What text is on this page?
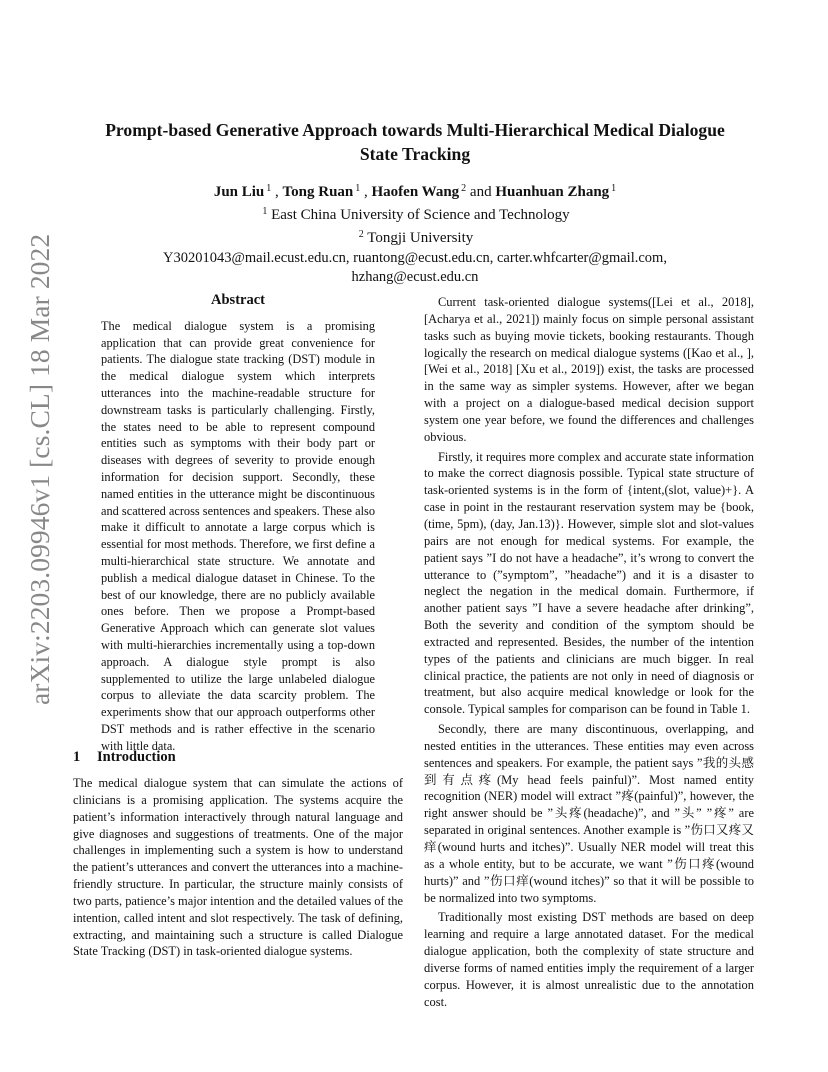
arXiv:2203.09946v1 [cs.CL] 18 Mar 2022
Prompt-based Generative Approach towards Multi-Hierarchical Medical Dialogue State Tracking
Jun Liu $^1$ , Tong Ruan $^1$ , Haofen Wang $^2$ and Huanhuan Zhang $^1$
$^1$ East China University of Science and Technology
$^2$ Tongji University
Y30201043@mail.ecust.edu.cn, ruantong@ecust.edu.cn, carter.whfcarter@gmail.com,
hzhang@ecust.edu.cn
Abstract

The medical dialogue system is a promising application that can provide great convenience for patients. The dialogue state tracking (DST) module in the medical dialogue system which interprets utterances into the machine-readable structure for downstream tasks is particularly challenging. Firstly, the states need to be able to represent compound entities such as symptoms with their body part or diseases with degrees of severity to provide enough information for decision support. Secondly, these named entities in the utterance might be discontinuous and scattered across sentences and speakers. These also make it difficult to annotate a large corpus which is essential for most methods. Therefore, we first define a multi-hierarchical state structure. We annotate and publish a medical dialogue dataset in Chinese. To the best of our knowledge, there are no publicly available ones before. Then we propose a Prompt-based Generative Approach which can generate slot values with multi-hierarchies incrementally using a top-down approach. A dialogue style prompt is also supplemented to utilize the large unlabeled dialogue corpus to alleviate the data scarcity problem. The experiments show that our approach outperforms other DST methods and is rather effective in the scenario with little data.

1 Introduction

The medical dialogue system that can simulate the actions of clinicians is a promising application. The systems acquire the patient’s information interactively through natural language and give diagnoses and suggestions of treatments. One of the major challenges in implementing such a system is how to understand the patient’s utterances and convert the utterances into a machine-friendly structure. In particular, the structure mainly consists of two parts, patience’s major intention and the detailed values of the intention, called intent and slot respectively. The task of defining, extracting, and maintaining such a structure is called Dialogue State Tracking (DST) in task-oriented dialogue systems.

Current task-oriented dialogue systems([Lei et al., 2018], [Acharya et al., 2021]) mainly focus on simple personal assistant tasks such as buying movie tickets, booking restaurants. Though logically the research on medical dialogue systems ([Kao et al., ], [Wei et al., 2018] [Xu et al., 2019]) exist, the tasks are processed in the same way as simpler systems. However, after we began with a project on a dialogue-based medical decision support system one year before, we found the differences and challenges obvious.

Firstly, it requires more complex and accurate state information to make the correct diagnosis possible. Typical state structure of task-oriented systems is in the form of {intent,(slot, value)+}. A case in point in the restaurant reservation system may be {book, (time, 5pm), (day, Jan.13)}. However, simple slot and slot-values pairs are not enough for medical systems. For example, the patient says ”I do not have a headache”, it’s wrong to convert the utterance to (”symptom”, ”headache”) and it is a disaster to neglect the negation in the medical domain. Furthermore, if another patient says ”I have a severe headache after drinking”, Both the severity and condition of the symptom should be extracted and represented. Besides, the number of the intention types of the patients and clinicians are much bigger. In real clinical practice, the patients are not only in need of diagnosis or treatment, but also acquire medical knowledge or look for the console. Typical samples for comparison can be found in Table 1.

Secondly, there are many discontinuous, overlapping, and nested entities in the utterances. These entities may even across sentences and speakers. For example, the patient says ”我的头感到有点疼(My head feels painful)”. Most named entity recognition (NER) model will extract ”疼(painful)”, however, the right answer should be ”头疼(headache)”, and ”头” ”疼” are separated in original sentences. Another example is ”伤口又疼又痒(wound hurts and itches)”. Usually NER model will treat this as a whole entity, but to be accurate, we want ”伤口疼(wound hurts)” and ”伤口痒(wound itches)” so that it will be possible to be normalized into two symptoms.

Traditionally most existing DST methods are based on deep learning and require a large annotated dataset. For the medical dialogue application, both the complexity of state structure and diverse forms of named entities imply the requirement of a larger corpus. However, it is almost unrealistic due to the annotation cost.
